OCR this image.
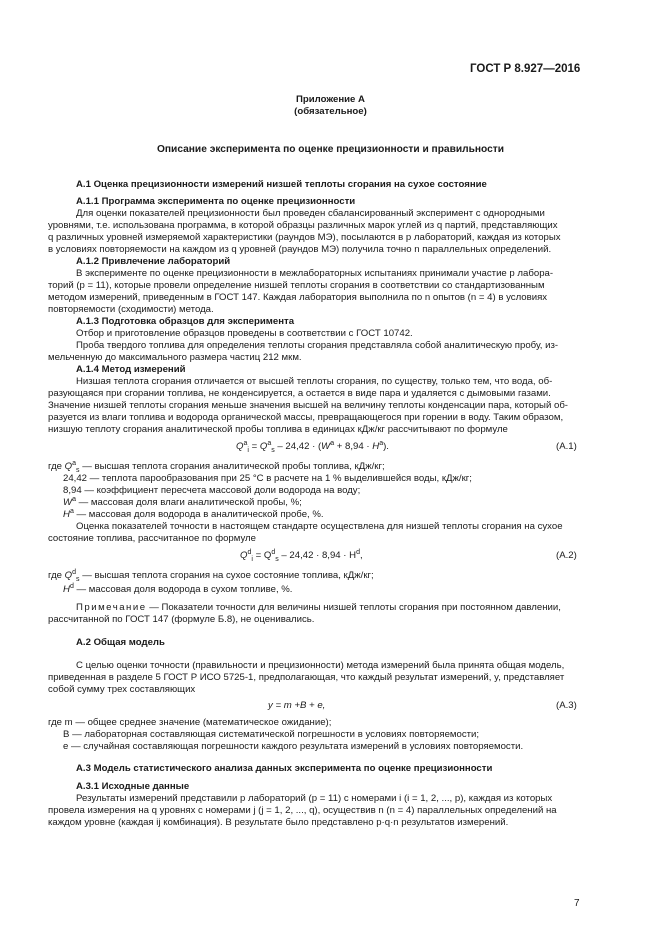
ГОСТ Р 8.927—2016
Приложение А
(обязательное)
Описание эксперимента по оценке прецизионности и правильности
А.1 Оценка прецизионности измерений низшей теплоты сгорания на сухое состояние
А.1.1 Программа эксперимента по оценке прецизионности
Для оценки показателей прецизионности был проведен сбалансированный эксперимент с однородными
уровнями, т.е. использована программа, в которой образцы различных марок углей из q партий, представляющих
q различных уровней измеряемой характеристики (раундов МЭ), посылаются в p лабораторий, каждая из которых
в условиях повторяемости на каждом из q уровней (раундов МЭ) получила точно n параллельных определений.
А.1.2 Привлечение лабораторий
В эксперименте по оценке прецизионности в межлабораторных испытаниях принимали участие p лабора-
торий (p = 11), которые провели определение низшей теплоты сгорания в соответствии со стандартизованным
методом измерений, приведенным в ГОСТ 147. Каждая лаборатория выполнила по n опытов (n = 4) в условиях
повторяемости (сходимости) метода.
А.1.3 Подготовка образцов для эксперимента
Отбор и приготовление образцов проведены в соответствии с ГОСТ 10742.
Проба твердого топлива для определения теплоты сгорания представляла собой аналитическую пробу, из-
мельченную до максимального размера частиц 212 мкм.
А.1.4 Метод измерений
Низшая теплота сгорания отличается от высшей теплоты сгорания, по существу, только тем, что вода, об-
разующаяся при сгорании топлива, не конденсируется, а остается в виде пара и удаляется с дымовыми газами.
Значение низшей теплоты сгорания меньше значения высшей на величину теплоты конденсации пара, который об-
разуется из влаги топлива и водорода органической массы, превращающегося при горении в воду. Таким образом,
низшую теплоту сгорания аналитической пробы топлива в единицах кДж/кг рассчитывают по формуле
$Q^a_i = Q^a_s - 24,42 \cdot (W^a + 8,94 \cdot H^a)$.	(А.1)
где $Q^a_s$ — высшая теплота сгорания аналитической пробы топлива, кДж/кг;
24,42 — теплота парообразования при 25 °С в расчете на 1 % выделившейся воды, кДж/кг;
8,94 — коэффициент пересчета массовой доли водорода на воду;
$W^a$ — массовая доля влаги аналитической пробы, %;
$H^a$ — массовая доля водорода в аналитической пробе, %.
Оценка показателей точности в настоящем стандарте осуществлена для низшей теплоты сгорания на сухое
состояние топлива, рассчитанное по формуле
$Q^d_i = Q^d_s - 24,42 \cdot 8,94 \cdot H^d$,	(А.2)
где $Q^d_s$ — высшая теплота сгорания на сухое состояние топлива, кДж/кг;
$H^d$ — массовая доля водорода в сухом топливе, %.
Примечание — Показатели точности для величины низшей теплоты сгорания при постоянном давлении,
рассчитанной по ГОСТ 147 (формуле Б.8), не оценивались.
А.2 Общая модель
С целью оценки точности (правильности и прецизионности) метода измерений была принята общая модель,
приведенная в разделе 5 ГОСТ Р ИСО 5725-1, предполагающая, что каждый результат измерений, y, представляет
собой сумму трех составляющих
y = m +B + e,	(А.3)
где m — общее среднее значение (математическое ожидание);
B — лабораторная составляющая систематической погрешности в условиях повторяемости;
e — случайная составляющая погрешности каждого результата измерений в условиях повторяемости.
А.3 Модель статистического анализа данных эксперимента по оценке прецизионности
А.3.1 Исходные данные
Результаты измерений представили p лабораторий (p = 11) с номерами i (i = 1, 2, ..., p), каждая из которых
провела измерения на q уровнях с номерами j (j = 1, 2, ..., q), осуществив n (n = 4) параллельных определений на
каждом уровне (каждая ij комбинация). В результате было представлено p·q·n результатов измерений.
7
